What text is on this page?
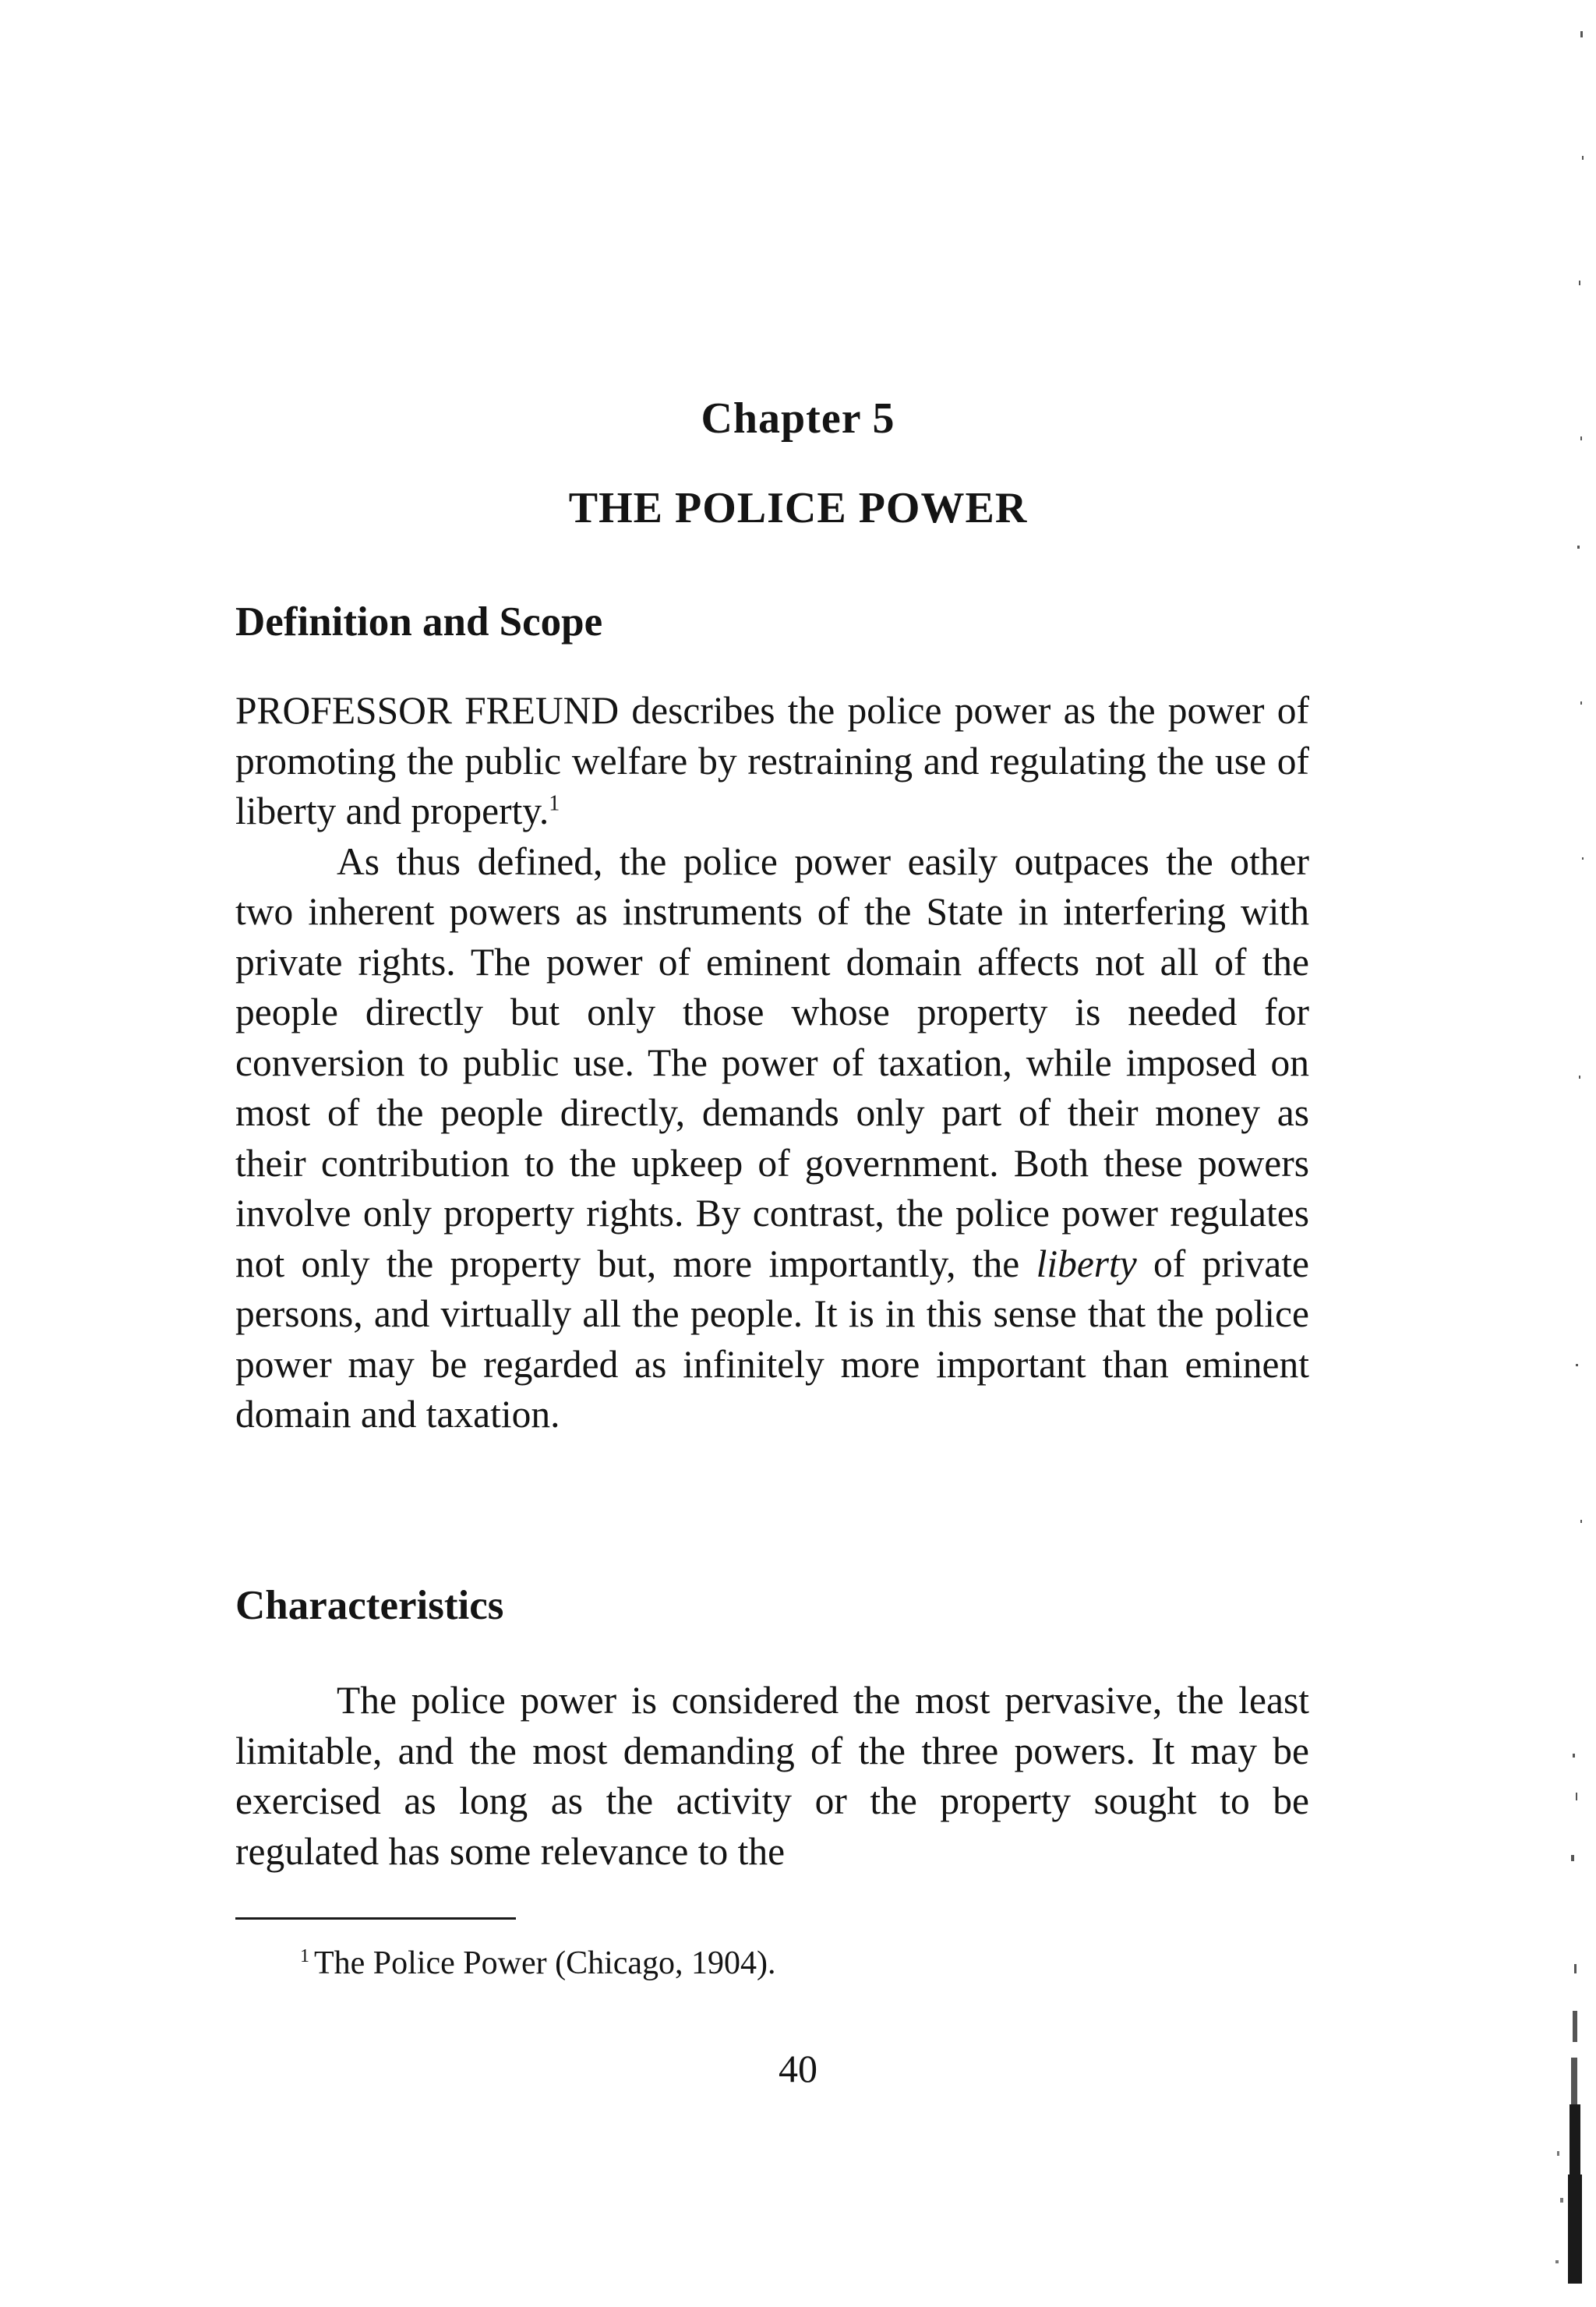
Chapter 5
THE POLICE POWER
Definition and Scope

PROFESSOR FREUND describes the police power as the power of promoting the public welfare by restraining and regulating the use of liberty and property.$^1$

As thus defined, the police power easily outpaces the other two inherent powers as instruments of the State in interfering with private rights. The power of eminent domain affects not all of the people directly but only those whose property is needed for conversion to public use. The power of taxation, while imposed on most of the people directly, demands only part of their money as their contribution to the upkeep of government. Both these powers involve only property rights. By contrast, the police power regulates not only the property but, more importantly, the liberty of private persons, and virtually all the people. It is in this sense that the police power may be regarded as infinitely more important than eminent domain and taxation.

Characteristics

The police power is considered the most pervasive, the least limitable, and the most demanding of the three powers. It may be exercised as long as the activity or the property sought to be regulated has some relevance to the

$^1$ The Police Power (Chicago, 1904).
40
